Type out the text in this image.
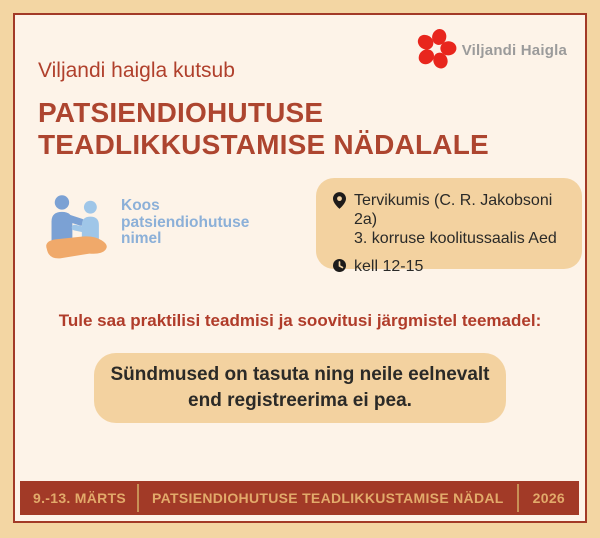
Viljandi Haigla
Viljandi haigla kutsub
PATSIENDIOHUTUSE
TEADLIKKUSTAMISE NÄDALALE
Koos
patsiendiohutuse
nimel
Tervikumis (C. R. Jakobsoni 2a)
3. korruse koolitussaalis Aed
kell 12-15
Tule saa praktilisi teadmisi ja soovitusi järgmistel teemadel:
Sündmused on tasuta ning neile eelnevalt
end registreerima ei pea.
9.-13. MÄRTS	PATSIENDIOHUTUSE TEADLIKKUSTAMISE NÄDAL	2026
